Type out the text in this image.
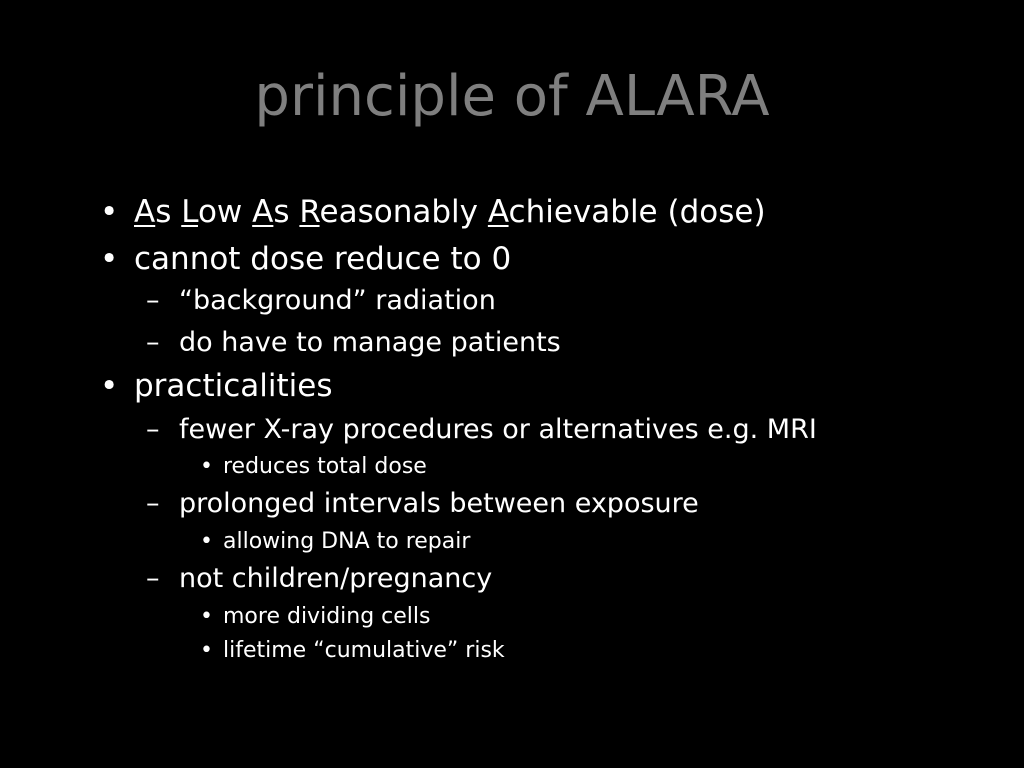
principle of ALARA
• As Low As Reasonably Achievable (dose)
• cannot dose reduce to 0
– “background” radiation
– do have to manage patients
• practicalities
– fewer X-ray procedures or alternatives e.g. MRI
• reduces total dose
– prolonged intervals between exposure
• allowing DNA to repair
– not children/pregnancy
• more dividing cells
• lifetime “cumulative” risk
